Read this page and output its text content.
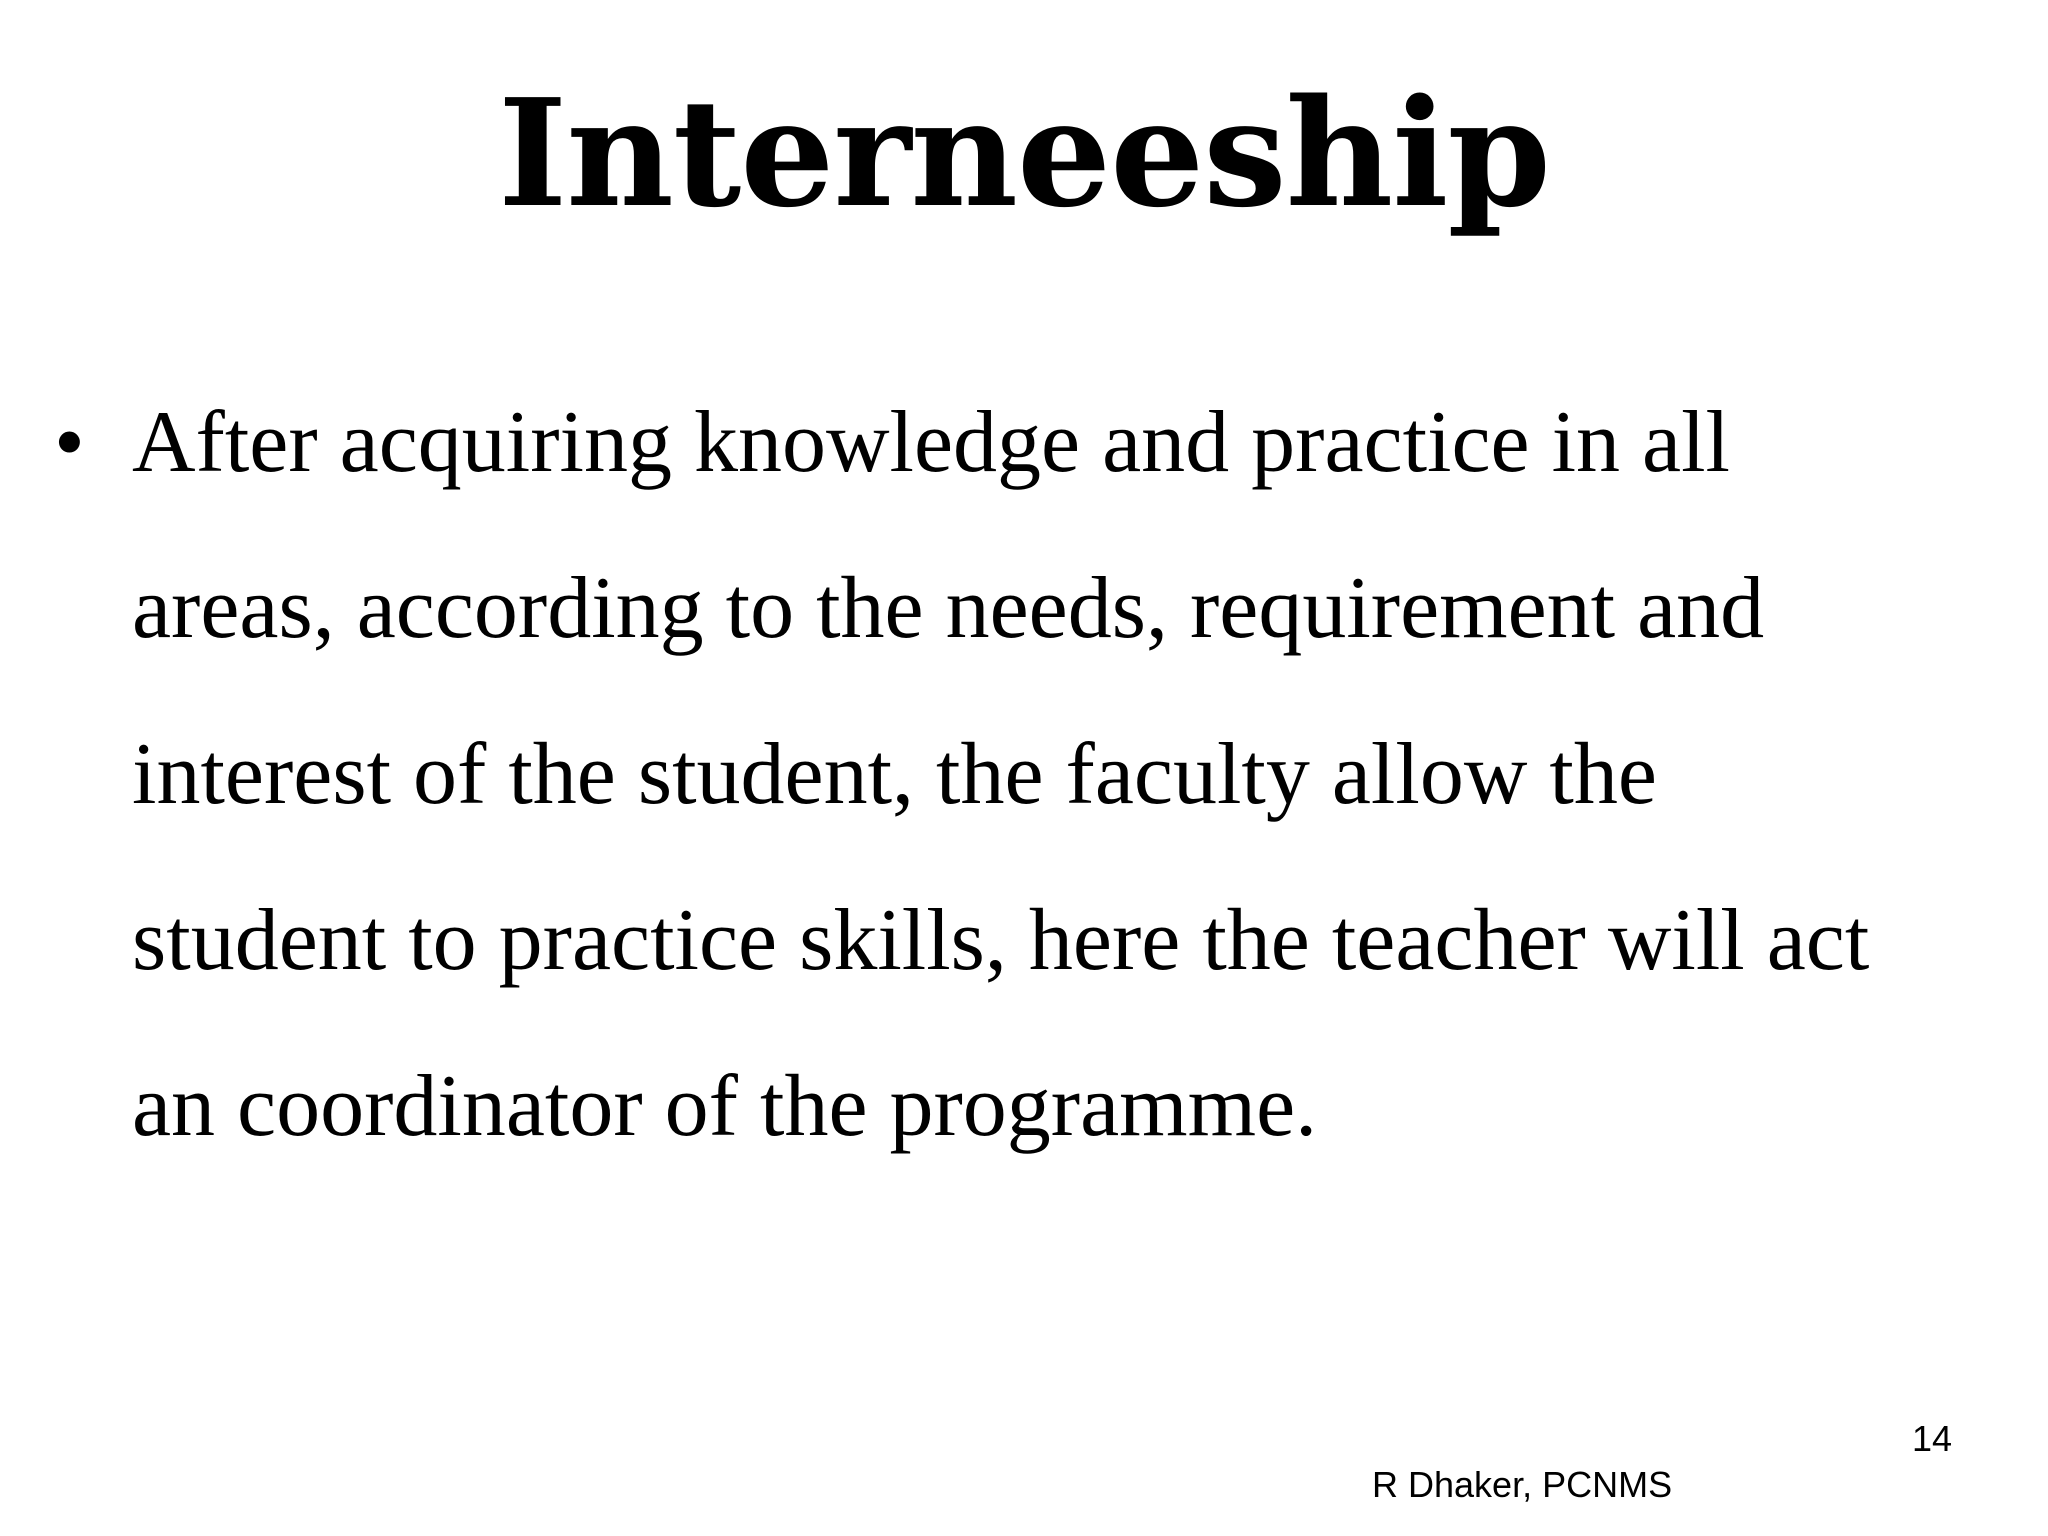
Interneeship
• After acquiring knowledge and practice in all
areas, according to the needs, requirement and
interest of the student, the faculty allow the
student to practice skills, here the teacher will act
an coordinator of the programme.
R Dhaker, PCNMS
14
